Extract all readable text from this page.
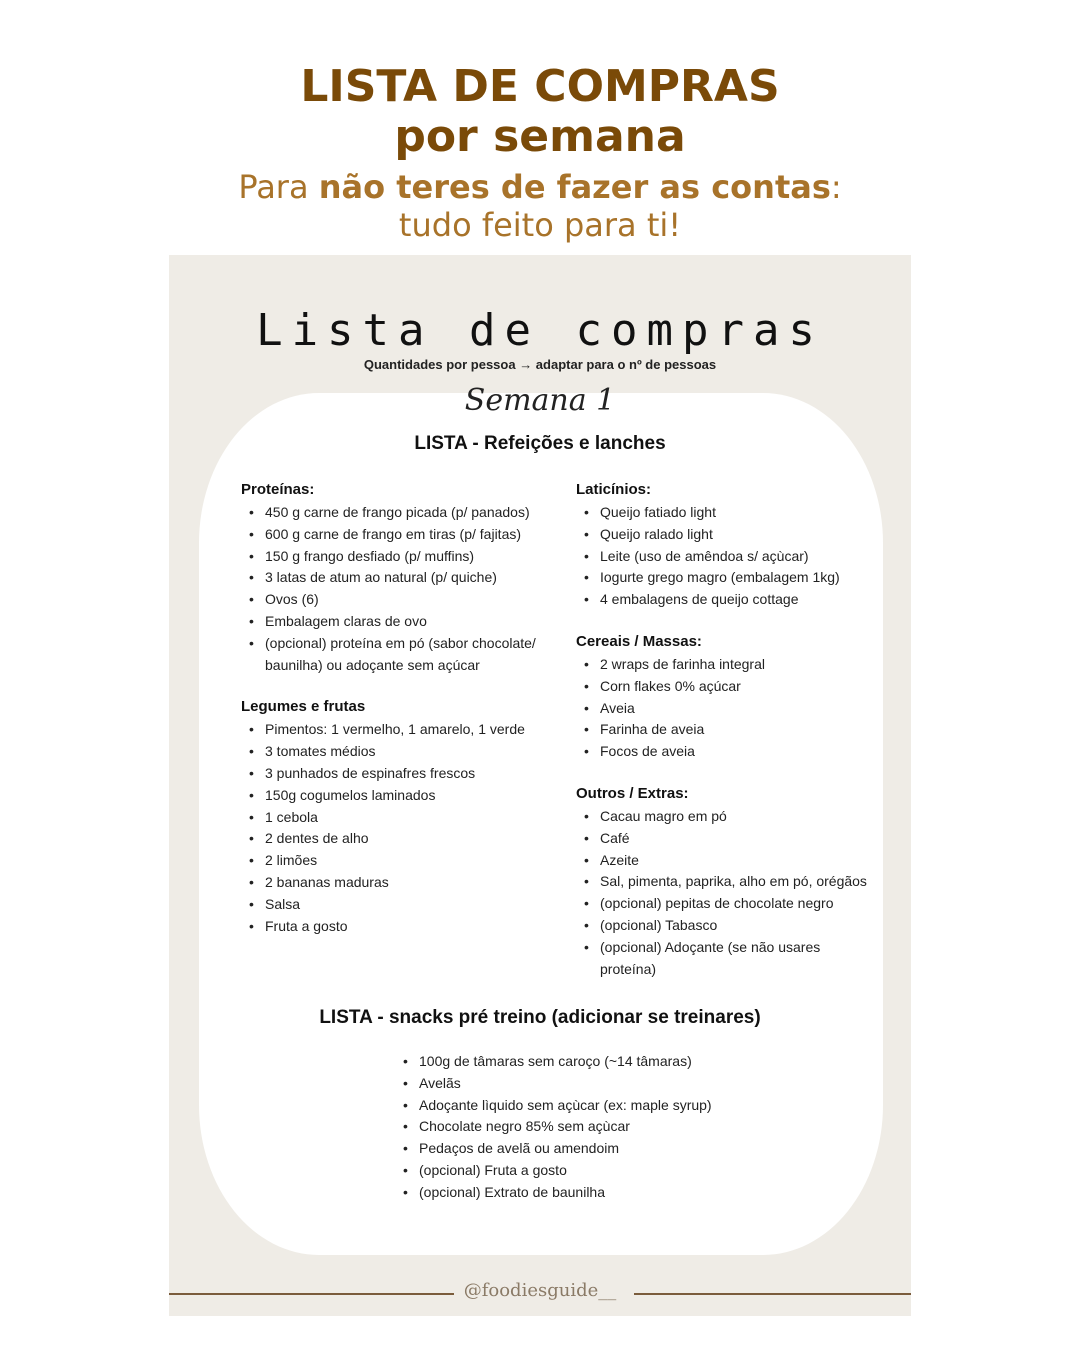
LISTA DE COMPRAS
por semana
Para não teres de fazer as contas:
tudo feito para ti!
Lista de compras
Quantidades por pessoa → adaptar para o nº de pessoas
Semana 1
LISTA - Refeições e lanches
Proteínas:
• 450 g carne de frango picada (p/ panados)
• 600 g carne de frango em tiras (p/ fajitas)
• 150 g frango desfiado (p/ muffins)
• 3 latas de atum ao natural (p/ quiche)
• Ovos (6)
• Embalagem claras de ovo
• (opcional) proteína em pó (sabor chocolate/ baunilha) ou adoçante sem açúcar
Legumes e frutas
• Pimentos: 1 vermelho, 1 amarelo, 1 verde
• 3 tomates médios
• 3 punhados de espinafres frescos
• 150g cogumelos laminados
• 1 cebola
• 2 dentes de alho
• 2 limões
• 2 bananas maduras
• Salsa
• Fruta a gosto
Laticínios:
• Queijo fatiado light
• Queijo ralado light
• Leite (uso de amêndoa s/ açùcar)
• Iogurte grego magro (embalagem 1kg)
• 4 embalagens de queijo cottage
Cereais / Massas:
• 2 wraps de farinha integral
• Corn flakes 0% açúcar
• Aveia
• Farinha de aveia
• Focos de aveia
Outros / Extras:
• Cacau magro em pó
• Café
• Azeite
• Sal, pimenta, paprika, alho em pó, orégãos
• (opcional) pepitas de chocolate negro
• (opcional) Tabasco
• (opcional) Adoçante (se não usares proteína)
LISTA - snacks pré treino (adicionar se treinares)
• 100g de tâmaras sem caroço (~14 tâmaras)
• Avelãs
• Adoçante lìquido sem açùcar (ex: maple syrup)
• Chocolate negro 85% sem açùcar
• Pedaços de avelã ou amendoim
• (opcional) Fruta a gosto
• (opcional) Extrato de baunilha
@foodiesguide__
